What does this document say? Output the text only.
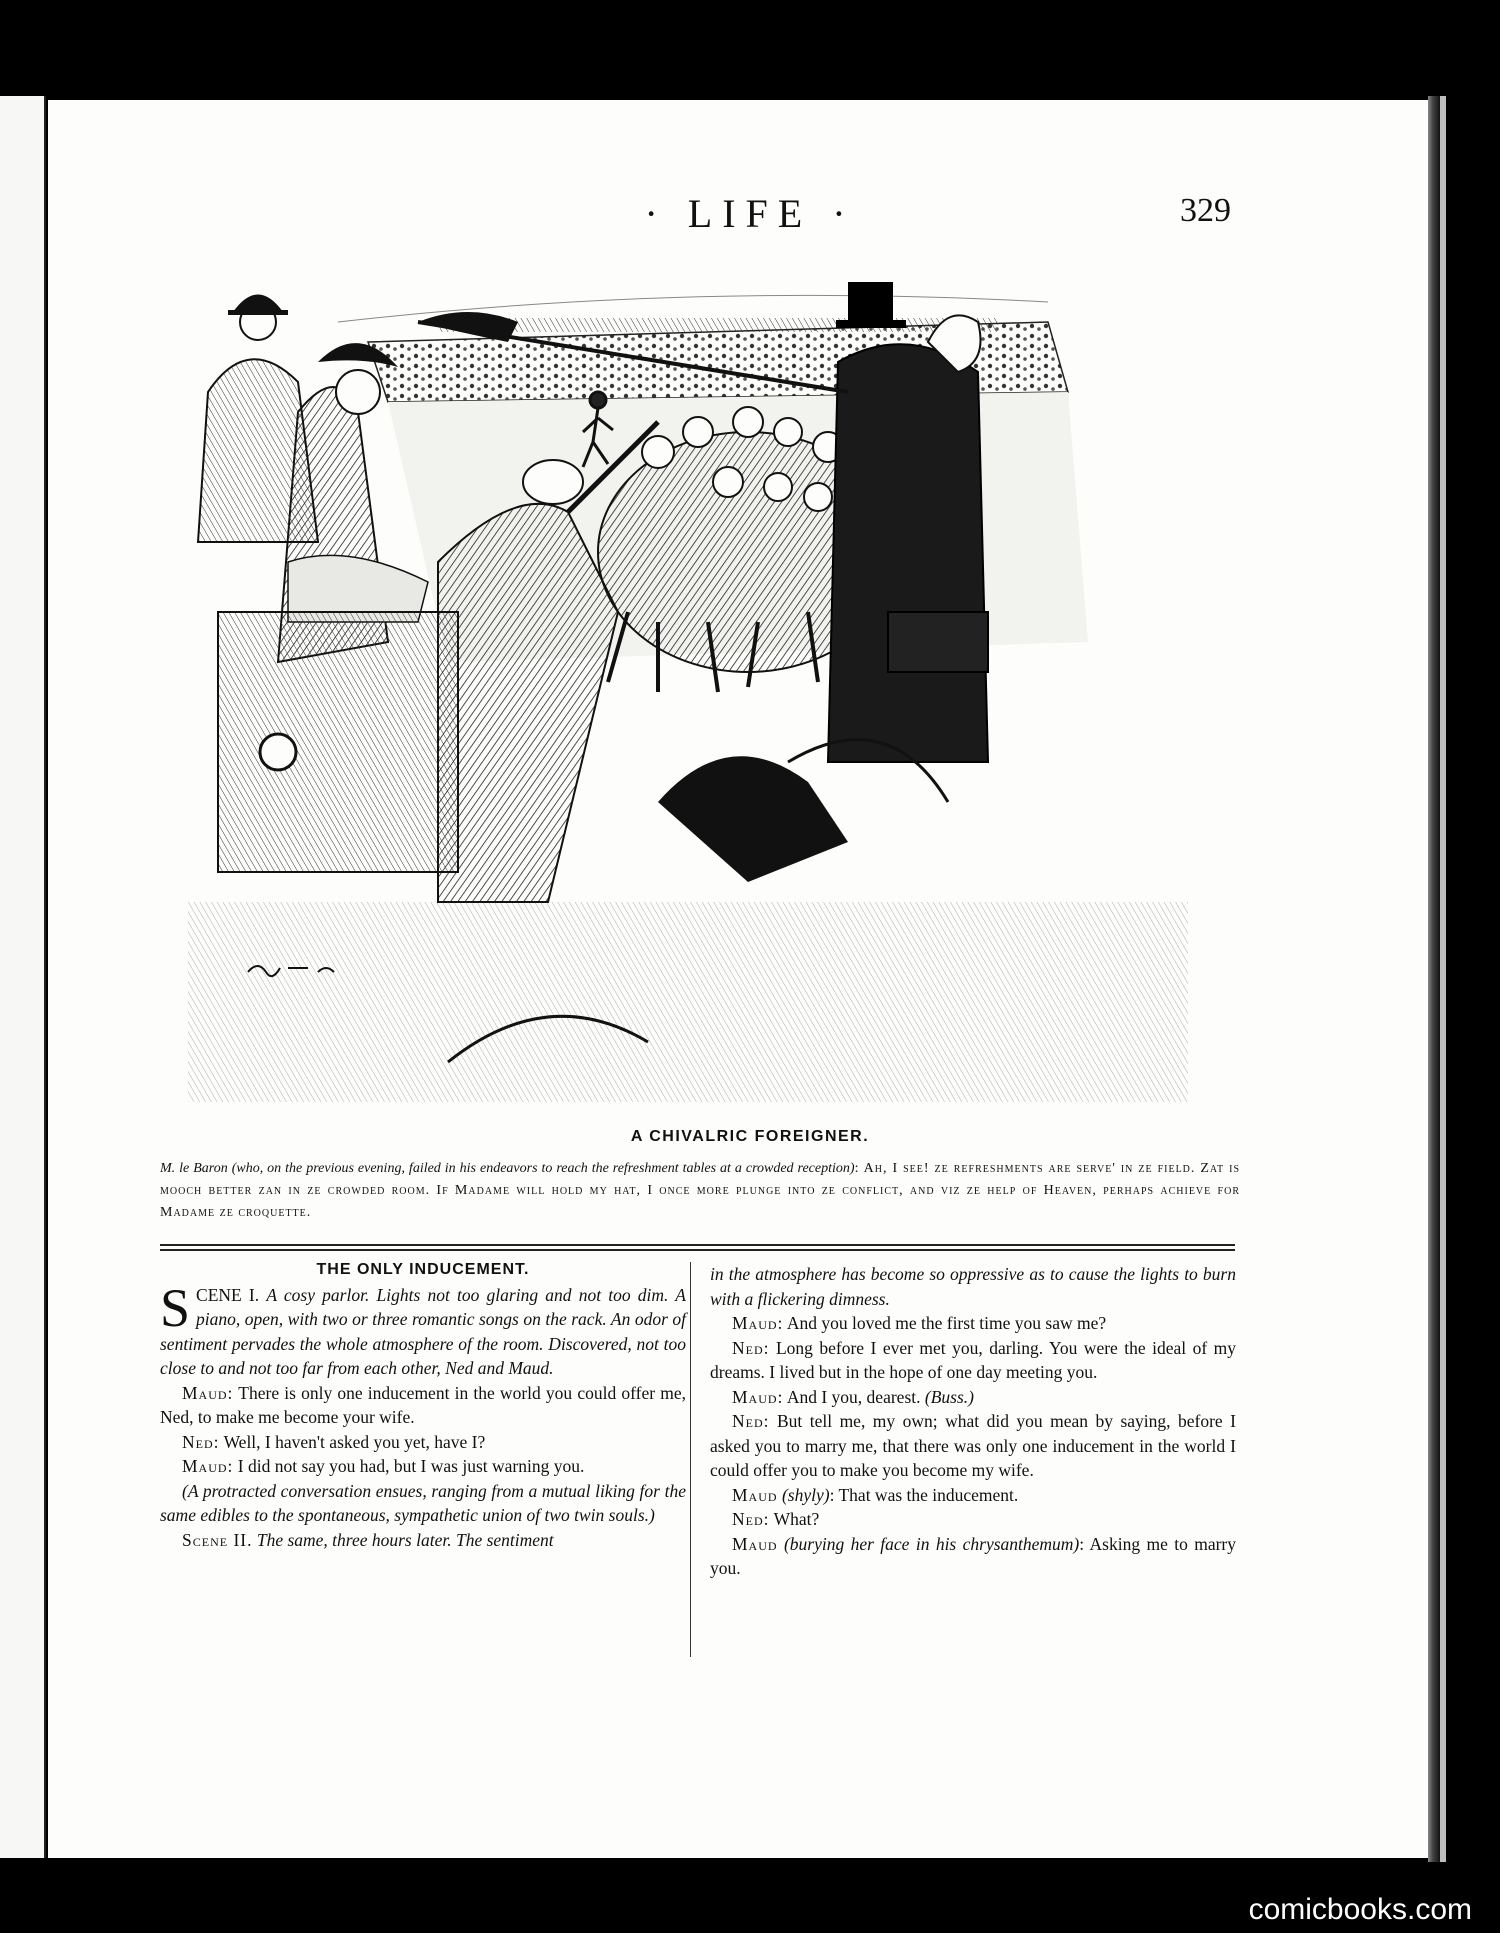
· LIFE ·	329
A CHIVALRIC FOREIGNER.
M. le Baron (who, on the previous evening, failed in his endeavors to reach the refreshment tables at a crowded reception): Ah, I see! ze refreshments are serve' in ze field. Zat is mooch better zan in ze crowded room. If Madame will hold my hat, I once more plunge into ze conflict, and viz ze help of Heaven, perhaps achieve for Madame ze croquette.

THE ONLY INDUCEMENT.

SCENE I. A cosy parlor. Lights not too glaring and not too dim. A piano, open, with two or three romantic songs on the rack. An odor of sentiment pervades the whole atmosphere of the room. Discovered, not too close to and not too far from each other, Ned and Maud.

Maud: There is only one inducement in the world you could offer me, Ned, to make me become your wife.

Ned: Well, I haven't asked you yet, have I?

Maud: I did not say you had, but I was just warning you.

(A protracted conversation ensues, ranging from a mutual liking for the same edibles to the spontaneous, sympathetic union of two twin souls.)

Scene II. The same, three hours later. The sentiment

in the atmosphere has become so oppressive as to cause the lights to burn with a flickering dimness.

Maud: And you loved me the first time you saw me?

Ned: Long before I ever met you, darling. You were the ideal of my dreams. I lived but in the hope of one day meeting you.

Maud: And I you, dearest. (Buss.)

Ned: But tell me, my own; what did you mean by saying, before I asked you to marry me, that there was only one inducement in the world I could offer you to make you become my wife.

Maud (shyly): That was the inducement.

Ned: What?

Maud (burying her face in his chrysanthemum): Asking me to marry you.

comicbooks.com
